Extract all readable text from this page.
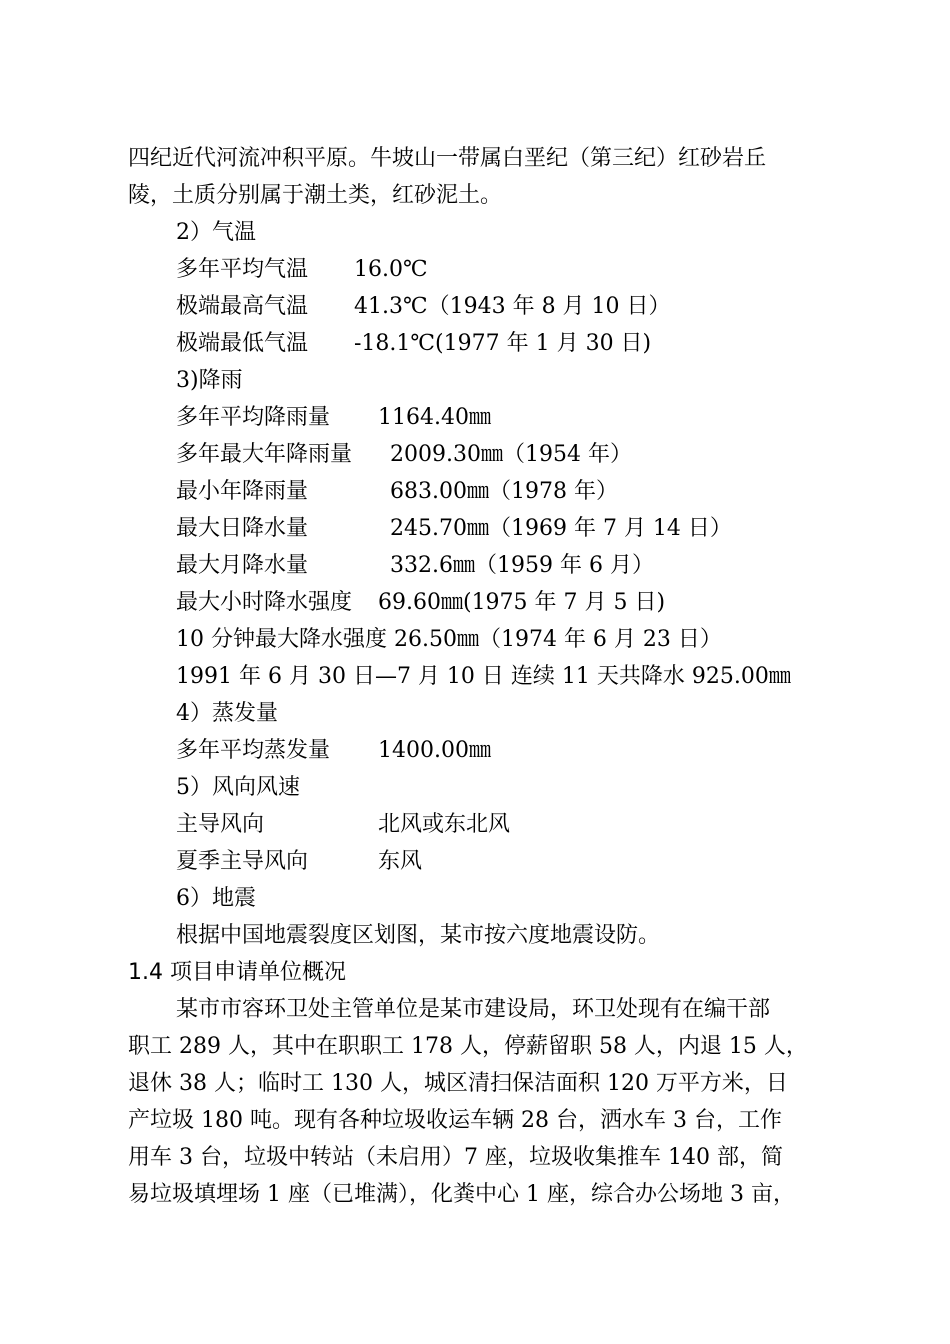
四纪近代河流冲积平原。牛坡山一带属白垩纪（第三纪）红砂岩丘
陵，土质分别属于潮土类，红砂泥土。
2）气温
多年平均气温 16.0℃
极端最高气温 41.3℃（1943 年 8 月 10 日）
极端最低气温 -18.1℃(1977 年 1 月 30 日)
3)降雨
多年平均降雨量 1164.40㎜
多年最大年降雨量 2009.30㎜（1954 年）
最小年降雨量	683.00㎜（1978 年）
最大日降水量	245.70㎜（1969 年 7 月 14 日）
最大月降水量	332.6㎜（1959 年 6 月）
最大小时降水强度 69.60㎜(1975 年 7 月 5 日)
10 分钟最大降水强度 26.50㎜（1974 年 6 月 23 日）
1991 年 6 月 30 日—7 月 10 日 连续 11 天共降水 925.00㎜
4）蒸发量
多年平均蒸发量 1400.00㎜
5）风向风速
主导风向	北风或东北风
夏季主导风向	东风
6）地震
根据中国地震裂度区划图，某市按六度地震设防。
1.4 项目申请单位概况
某市市容环卫处主管单位是某市建设局，环卫处现有在编干部
职工 289 人，其中在职职工 178 人，停薪留职 58 人，内退 15 人，
退休 38 人；临时工 130 人，城区清扫保洁面积 120 万平方米，日
产垃圾 180 吨。现有各种垃圾收运车辆 28 台，洒水车 3 台，工作
用车 3 台，垃圾中转站（未启用）7 座，垃圾收集推车 140 部，简
易垃圾填埋场 1 座（已堆满），化粪中心 1 座，综合办公场地 3 亩，
